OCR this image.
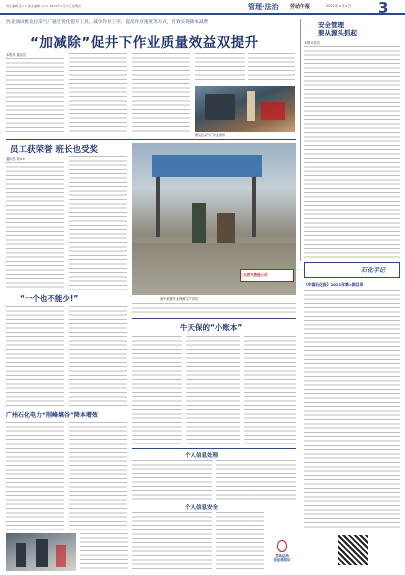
责任编辑 张×× 美术编辑 ××× 2021年×月×日 星期四	管理·法治 劳动午报	2021年×月×日 3
西北油田雅克拉采气厂通过优化提升工具、减少作业工序、提高作业速度等方式，有效实现降本减费
“加减除”促井下作业质量效益双提升
本报讯 通讯员
雅克拉采气厂作业现场
安全管理
要从源头抓起
本报评论员
员工获荣誉 班长也受奖
通讯员 刘××
天然气管道公司
雨中抢修作业保障生产供应
石化手记
《中国石化报》2021年第×期目录
“一个也不能少!”
牛天保的“小账本”
广州石化电力“削峰填谷”降本增效
个人信息处理
个人信息安全
劳动法治
民法典知识
